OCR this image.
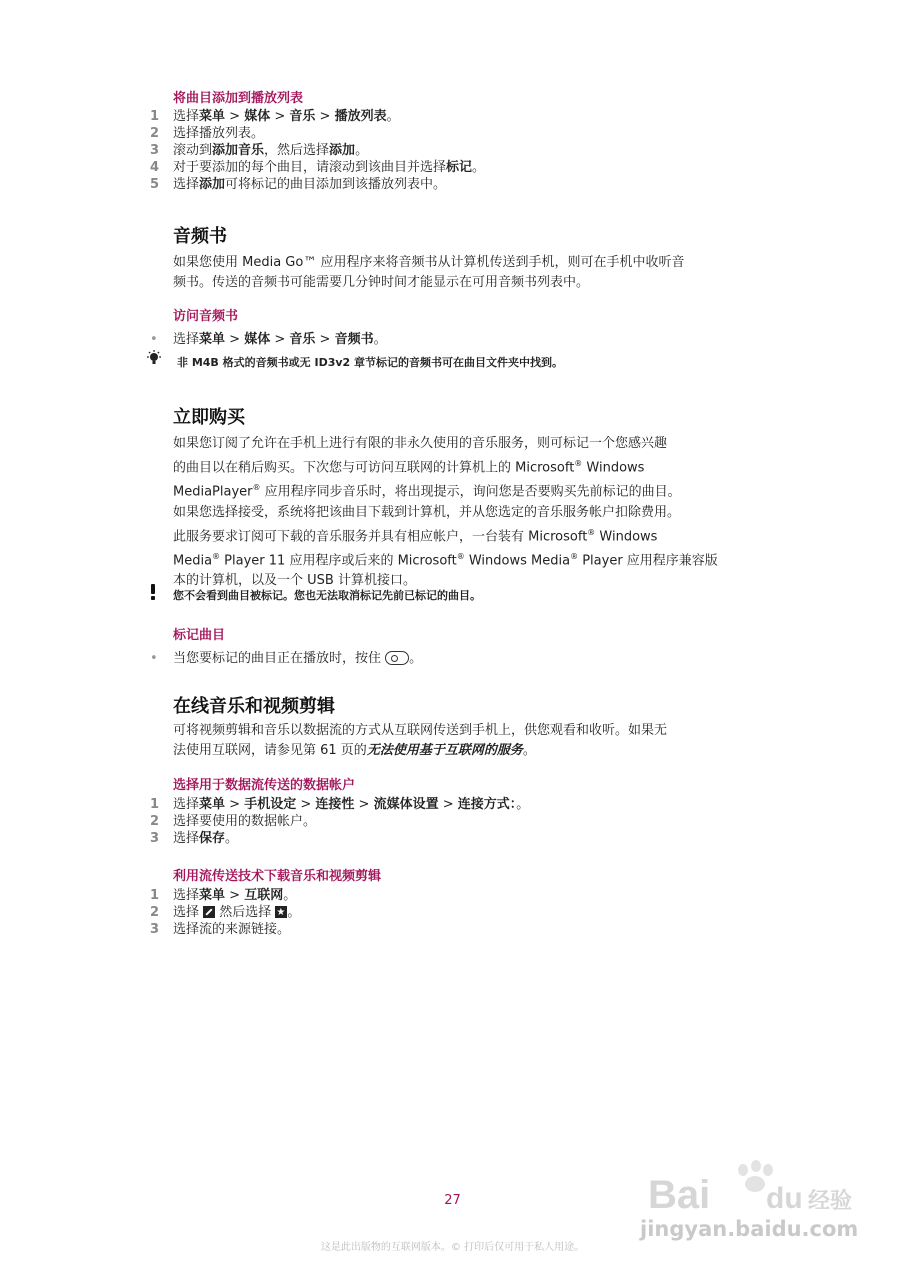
将曲目添加到播放列表
1 选择菜单 > 媒体 > 音乐 > 播放列表。
2 选择播放列表。
3 滚动到添加音乐，然后选择添加。
4 对于要添加的每个曲目，请滚动到该曲目并选择标记。
5 选择添加可将标记的曲目添加到该播放列表中。
音频书
如果您使用 Media Go™ 应用程序来将音频书从计算机传送到手机，则可在手机中收听音
频书。传送的音频书可能需要几分钟时间才能显示在可用音频书列表中。
访问音频书
• 选择菜单 > 媒体 > 音乐 > 音频书。
非 M4B 格式的音频书或无 ID3v2 章节标记的音频书可在曲目文件夹中找到。
立即购买
如果您订阅了允许在手机上进行有限的非永久使用的音乐服务，则可标记一个您感兴趣
的曲目以在稍后购买。下次您与可访问互联网的计算机上的 Microsoft® Windows
MediaPlayer® 应用程序同步音乐时，将出现提示，询问您是否要购买先前标记的曲目。
如果您选择接受，系统将把该曲目下载到计算机，并从您选定的音乐服务帐户扣除费用。
此服务要求订阅可下载的音乐服务并具有相应帐户，一台装有 Microsoft® Windows
Media® Player 11 应用程序或后来的 Microsoft® Windows Media® Player 应用程序兼容版
本的计算机，以及一个 USB 计算机接口。
您不会看到曲目被标记。您也无法取消标记先前已标记的曲目。
标记曲目
• 当您要标记的曲目正在播放时，按住 。
在线音乐和视频剪辑
可将视频剪辑和音乐以数据流的方式从互联网传送到手机上，供您观看和收听。如果无
法使用互联网，请参见第 61 页的无法使用基于互联网的服务。
选择用于数据流传送的数据帐户
1 选择菜单 > 手机设定 > 连接性 > 流媒体设置 > 连接方式：。
2 选择要使用的数据帐户。
3 选择保存。
利用流传送技术下载音乐和视频剪辑
1 选择菜单 > 互联网。
2 选择  然后选择 ★。
3 选择流的来源链接。
27
这是此出版物的互联网版本。© 打印后仅可用于私人用途。
Bai du 经验
jingyan.baidu.com
